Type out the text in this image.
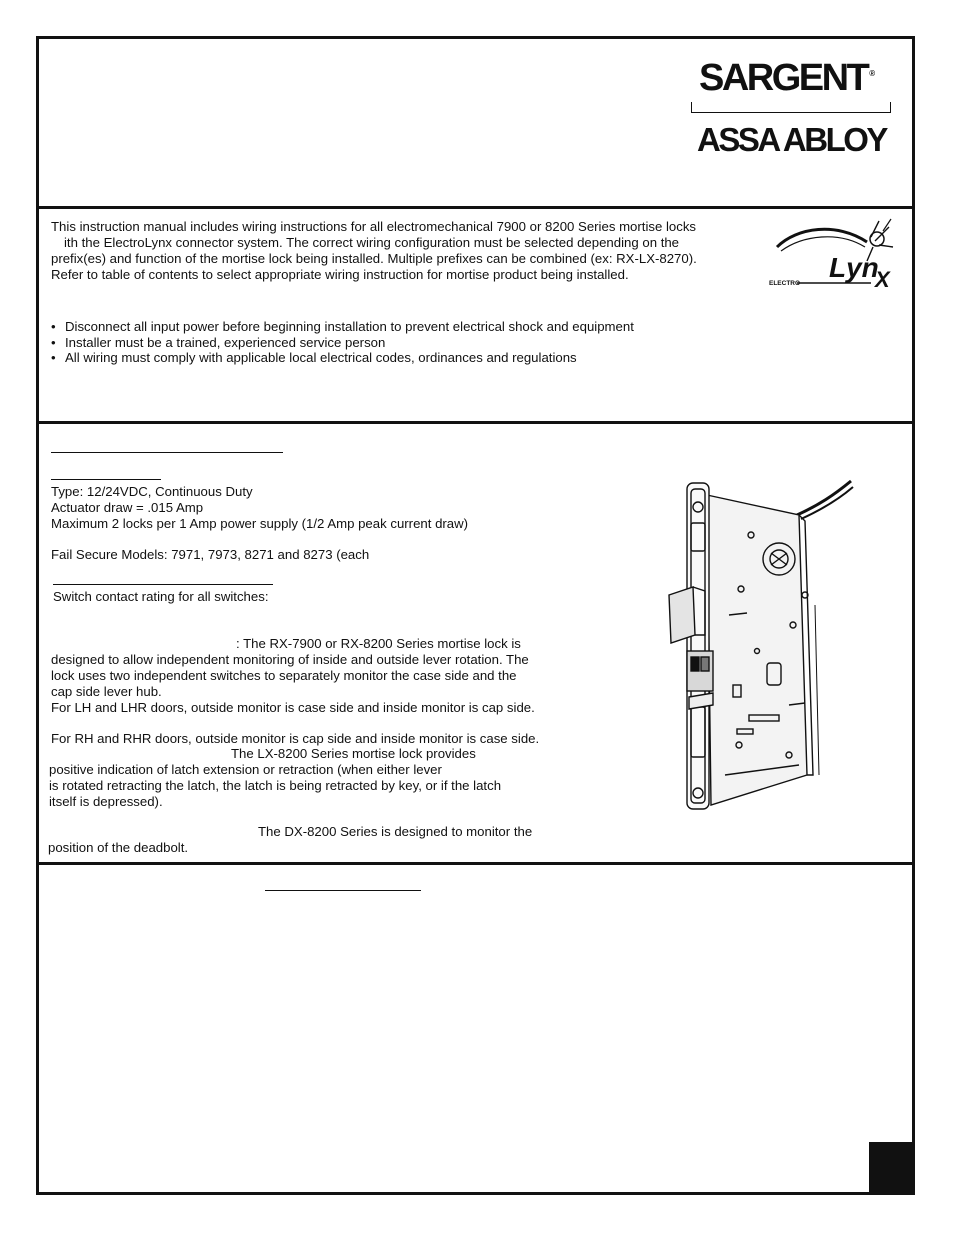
SARGENT ®
ASSA ABLOY
This instruction manual includes wiring instructions for all electromechanical 7900 or 8200 Series mortise locks
ith the ElectroLynx connector system. The correct wiring configuration must be selected depending on the
prefix(es) and function of the mortise lock being installed. Multiple prefixes can be combined (ex: RX-LX-8270).
Refer to table of contents to select appropriate wiring instruction for mortise product being installed.	Lyn
X
ELECTRO
• Disconnect all input power before beginning installation to prevent electrical shock and equipment
• Installer must be a trained, experienced service person
• All wiring must comply with applicable local electrical codes, ordinances and regulations
Type: 12/24VDC, Continuous Duty
Actuator draw = .015 Amp
Maximum 2 locks per 1 Amp power supply (1/2 Amp peak current draw)
Fail Secure Models: 7971, 7973, 8271 and 8273 (each
Switch contact rating for all switches:
: The RX-7900 or RX-8200 Series mortise lock is
designed to allow independent monitoring of inside and outside lever rotation. The
lock uses two independent switches to separately monitor the case side and the
cap side lever hub.
For LH and LHR doors, outside monitor is case side and inside monitor is cap side.
For RH and RHR doors, outside monitor is cap side and inside monitor is case side.
The LX-8200 Series mortise lock provides
positive indication of latch extension or retraction (when either lever
is rotated retracting the latch, the latch is being retracted by key, or if the latch
itself is depressed).
The DX-8200 Series is designed to monitor the
position of the deadbolt.
